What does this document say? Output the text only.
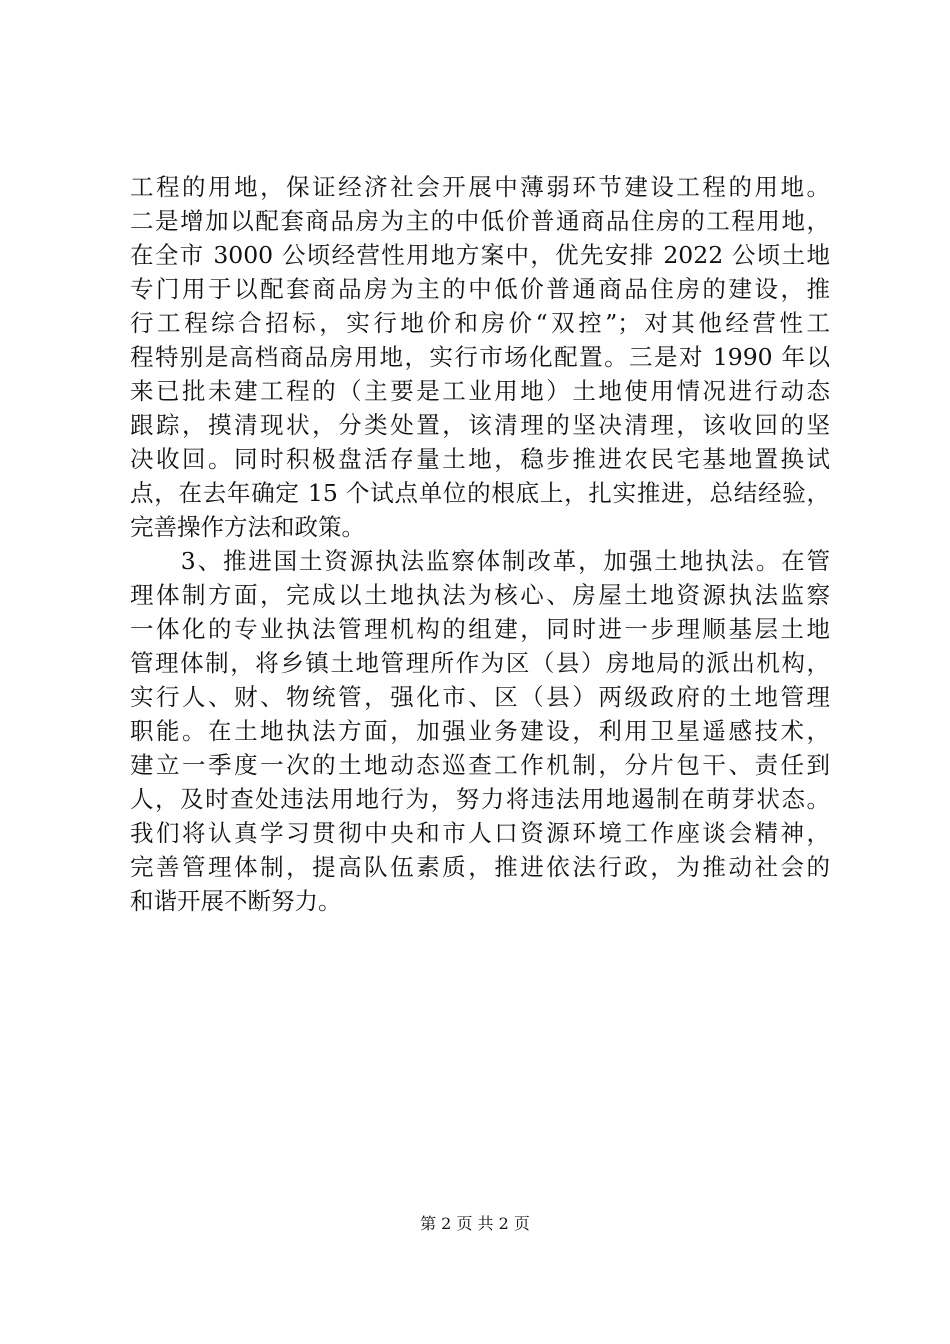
工程的用地，保证经济社会开展中薄弱环节建设工程的用地。
二是增加以配套商品房为主的中低价普通商品住房的工程用地，
在全市 3000 公顷经营性用地方案中，优先安排 2022 公顷土地
专门用于以配套商品房为主的中低价普通商品住房的建设，推
行工程综合招标，实行地价和房价“双控”；对其他经营性工
程特别是高档商品房用地，实行市场化配置。三是对 1990 年以
来已批未建工程的（主要是工业用地）土地使用情况进行动态
跟踪，摸清现状，分类处置，该清理的坚决清理，该收回的坚
决收回。同时积极盘活存量土地，稳步推进农民宅基地置换试
点，在去年确定 15 个试点单位的根底上，扎实推进，总结经验，
完善操作方法和政策。
　　3、推进国土资源执法监察体制改革，加强土地执法。在管
理体制方面，完成以土地执法为核心、房屋土地资源执法监察
一体化的专业执法管理机构的组建，同时进一步理顺基层土地
管理体制，将乡镇土地管理所作为区（县）房地局的派出机构，
实行人、财、物统管，强化市、区（县）两级政府的土地管理
职能。在土地执法方面，加强业务建设，利用卫星遥感技术，
建立一季度一次的土地动态巡查工作机制，分片包干、责任到
人，及时查处违法用地行为，努力将违法用地遏制在萌芽状态。
我们将认真学习贯彻中央和市人口资源环境工作座谈会精神，
完善管理体制，提高队伍素质，推进依法行政，为推动社会的
和谐开展不断努力。
第 2 页 共 2 页
